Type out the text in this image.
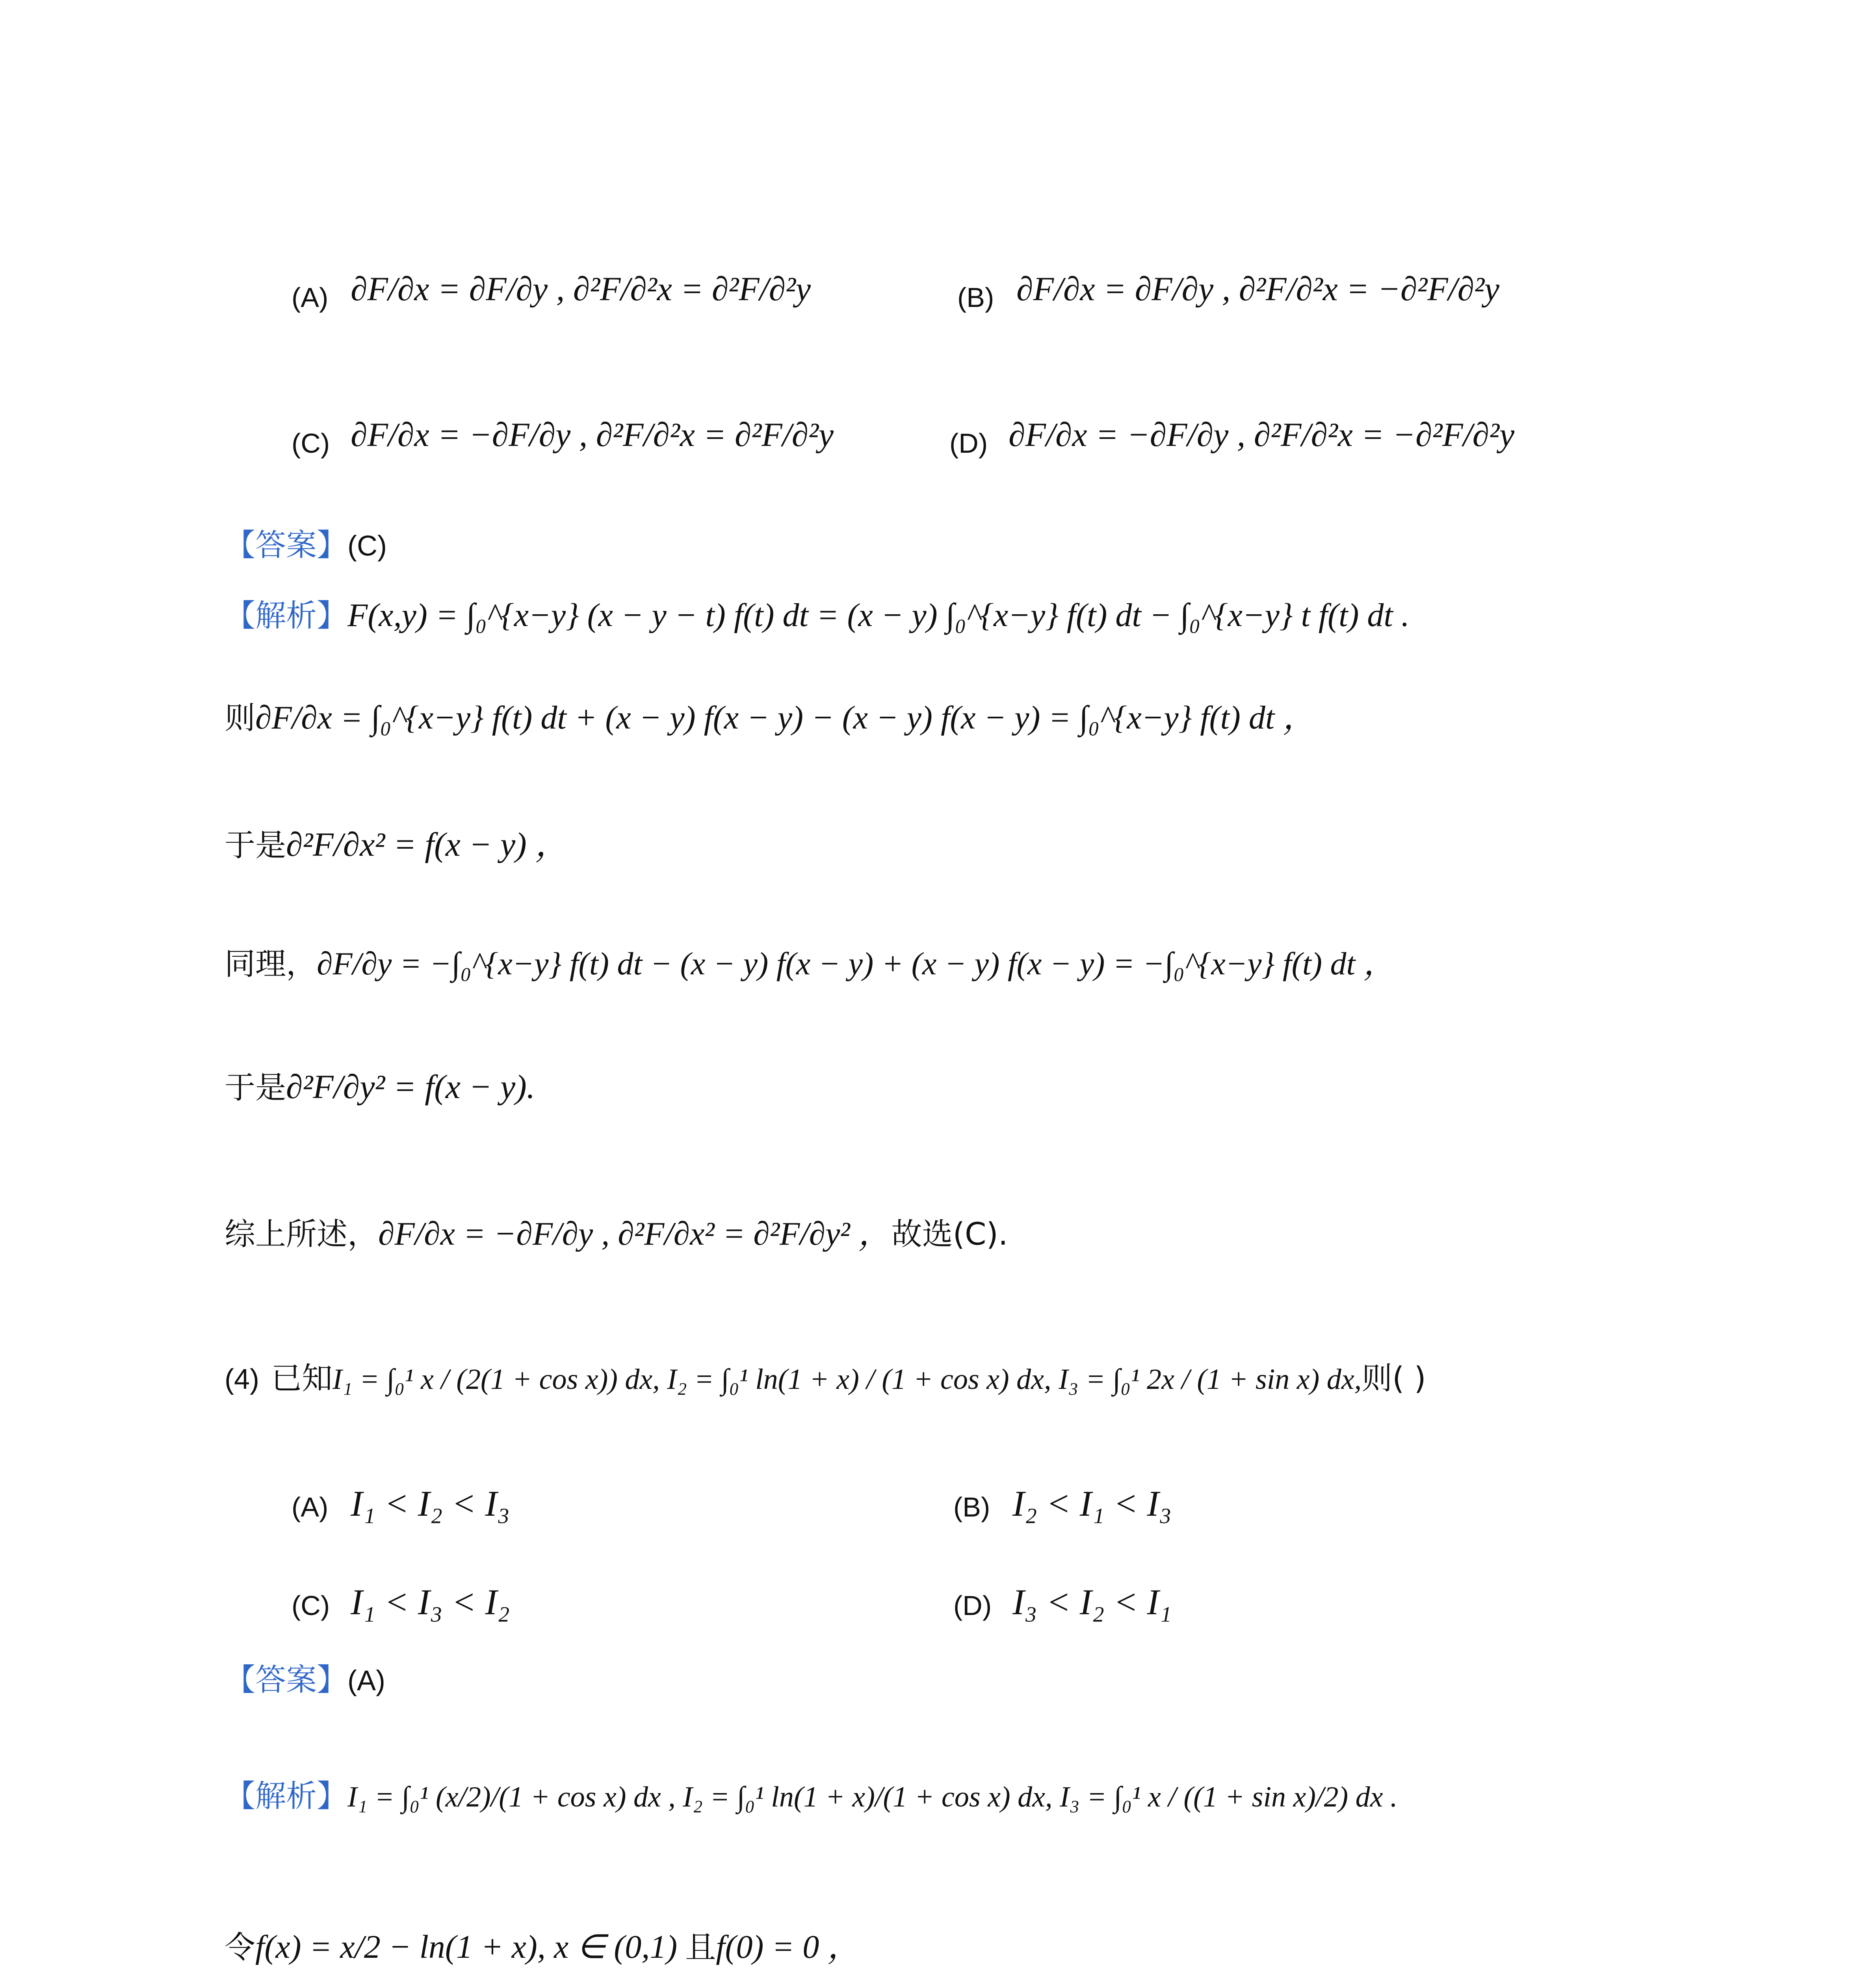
(A) ∂F/∂x = ∂F/∂y , ∂²F/∂²x = ∂²F/∂²y	(B) ∂F/∂x = ∂F/∂y , ∂²F/∂²x = −∂²F/∂²y
(C) ∂F/∂x = −∂F/∂y , ∂²F/∂²x = ∂²F/∂²y	(D) ∂F/∂x = −∂F/∂y , ∂²F/∂²x = −∂²F/∂²y
【答案】(C)
【解析】F(x,y) = ∫₀^{x−y} (x − y − t) f(t) dt = (x − y) ∫₀^{x−y} f(t) dt − ∫₀^{x−y} t f(t) dt .
则∂F/∂x = ∫₀^{x−y} f(t) dt + (x − y) f(x − y) − (x − y) f(x − y) = ∫₀^{x−y} f(t) dt ，
于是∂²F/∂x² = f(x − y) ，
同理，∂F/∂y = −∫₀^{x−y} f(t) dt − (x − y) f(x − y) + (x − y) f(x − y) = −∫₀^{x−y} f(t) dt ，
于是∂²F/∂y² = f(x − y).
综上所述，∂F/∂x = −∂F/∂y , ∂²F/∂x² = ∂²F/∂y² ，故选(C).
(4) 已知I₁ = ∫₀¹ x / (2(1 + cos x)) dx, I₂ = ∫₀¹ ln(1 + x) / (1 + cos x) dx, I₃ = ∫₀¹ 2x / (1 + sin x) dx,则( )
(A) I₁ < I₂ < I₃	(B) I₂ < I₁ < I₃
(C) I₁ < I₃ < I₂	(D) I₃ < I₂ < I₁
【答案】(A)
【解析】I₁ = ∫₀¹ (x/2)/(1 + cos x) dx , I₂ = ∫₀¹ ln(1 + x)/(1 + cos x) dx, I₃ = ∫₀¹ x / ((1 + sin x)/2) dx .
令f(x) = x/2 − ln(1 + x), x ∈ (0,1) 且f(0) = 0 ，
